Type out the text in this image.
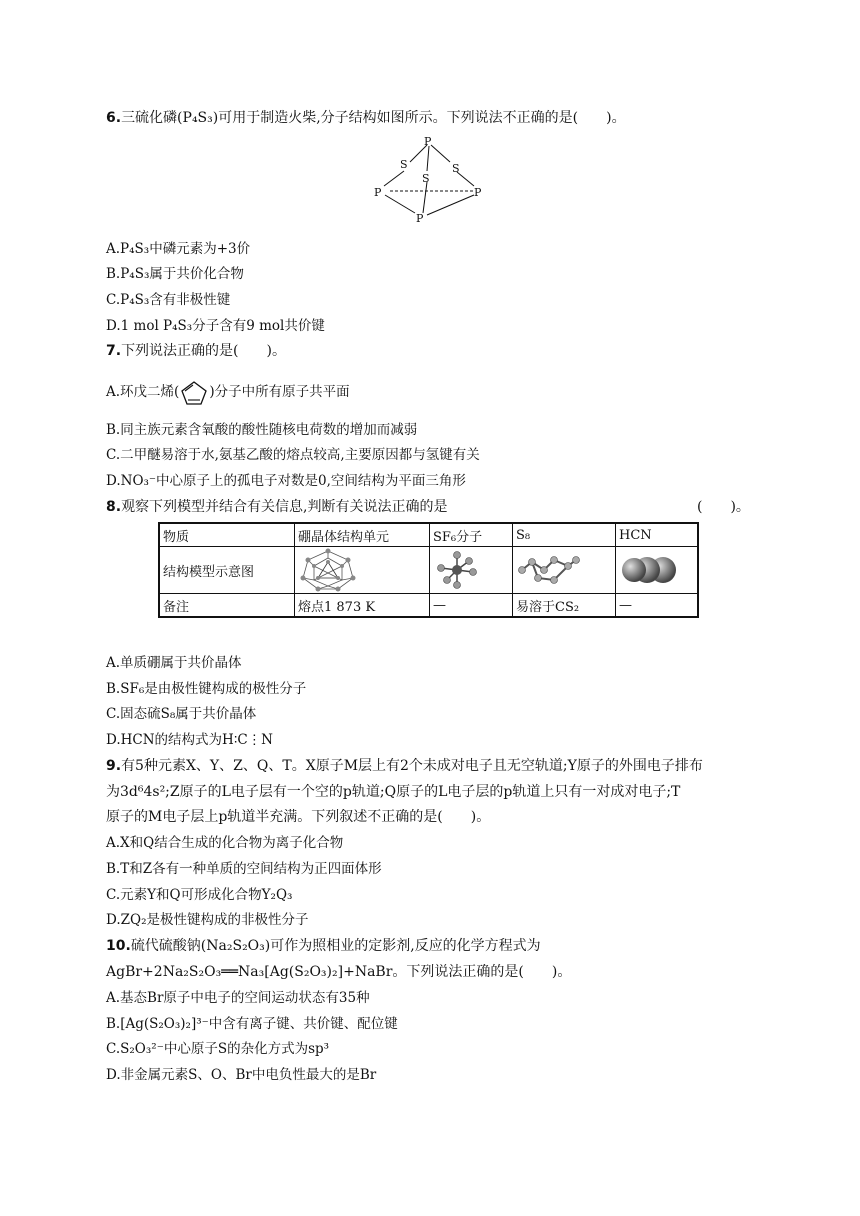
6.三硫化磷(P₄S₃)可用于制造火柴,分子结构如图所示。下列说法不正确的是(　　)。
P
S
S
S
P	P
P
A.P₄S₃中磷元素为+3价
B.P₄S₃属于共价化合物
C.P₄S₃含有非极性键
D.1 mol P₄S₃分子含有9 mol共价键
7.下列说法正确的是(　　)。
A.环戊二烯( )分子中所有原子共平面
B.同主族元素含氧酸的酸性随核电荷数的增加而减弱
C.二甲醚易溶于水,氨基乙酸的熔点较高,主要原因都与氢键有关
D.NO₃⁻中心原子上的孤电子对数是0,空间结构为平面三角形
8.观察下列模型并结合有关信息,判断有关说法正确的是	(　　)。
物质	硼晶体结构单元	SF₆分子	S₈	HCN
结构模型示意图	

备注	熔点1 873 K	—	易溶于CS₂	—
A.单质硼属于共价晶体
B.SF₆是由极性键构成的极性分子
C.固态硫S₈属于共价晶体
D.HCN的结构式为H∶C⋮N
9.有5种元素X、Y、Z、Q、T。X原子M层上有2个未成对电子且无空轨道;Y原子的外围电子排布
为3d⁶4s²;Z原子的L电子层有一个空的p轨道;Q原子的L电子层的p轨道上只有一对成对电子;T
原子的M电子层上p轨道半充满。下列叙述不正确的是(　　)。
A.X和Q结合生成的化合物为离子化合物
B.T和Z各有一种单质的空间结构为正四面体形
C.元素Y和Q可形成化合物Y₂Q₃
D.ZQ₂是极性键构成的非极性分子
10.硫代硫酸钠(Na₂S₂O₃)可作为照相业的定影剂,反应的化学方程式为
AgBr+2Na₂S₂O₃══Na₃[Ag(S₂O₃)₂]+NaBr。下列说法正确的是(　　)。
A.基态Br原子中电子的空间运动状态有35种
B.[Ag(S₂O₃)₂]³⁻中含有离子键、共价键、配位键
C.S₂O₃²⁻中心原子S的杂化方式为sp³
D.非金属元素S、O、Br中电负性最大的是Br
